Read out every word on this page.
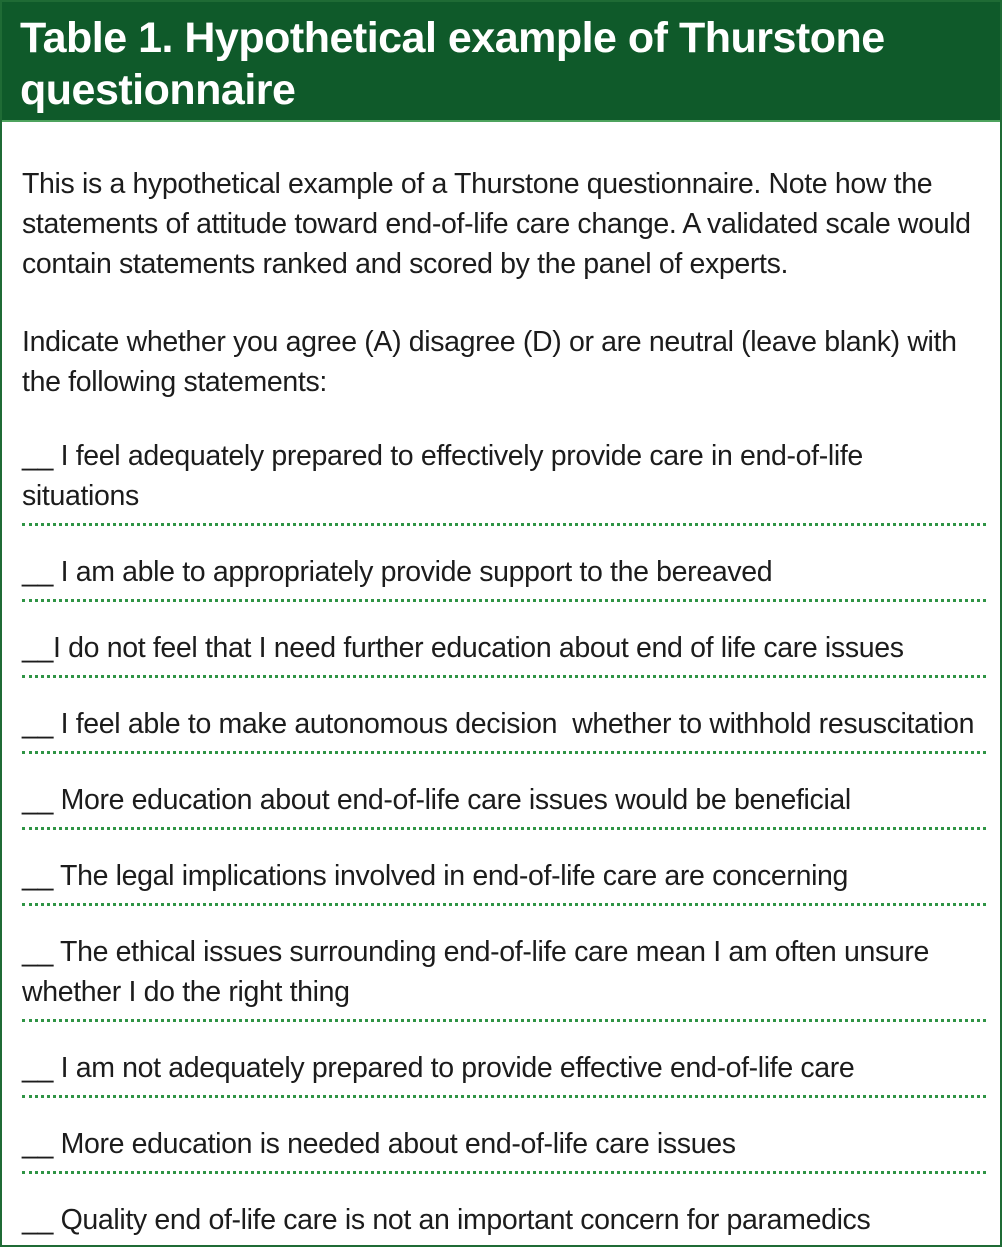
Table 1. Hypothetical example of Thurstone questionnaire

This is a hypothetical example of a Thurstone questionnaire. Note how the statements of attitude toward end-of-life care change. A validated scale would contain statements ranked and scored by the panel of experts.

Indicate whether you agree (A) disagree (D) or are neutral (leave blank) with the following statements:

__ I feel adequately prepared to effectively provide care in end-of-life situations
__ I am able to appropriately provide support to the bereaved
__I do not feel that I need further education about end of life care issues
__ I feel able to make autonomous decision  whether to withhold resuscitation
__ More education about end-of-life care issues would be beneficial
__ The legal implications involved in end-of-life care are concerning
__ The ethical issues surrounding end-of-life care mean I am often unsure whether I do the right thing
__ I am not adequately prepared to provide effective end-of-life care
__ More education is needed about end-of-life care issues
__ Quality end of-life care is not an important concern for paramedics
